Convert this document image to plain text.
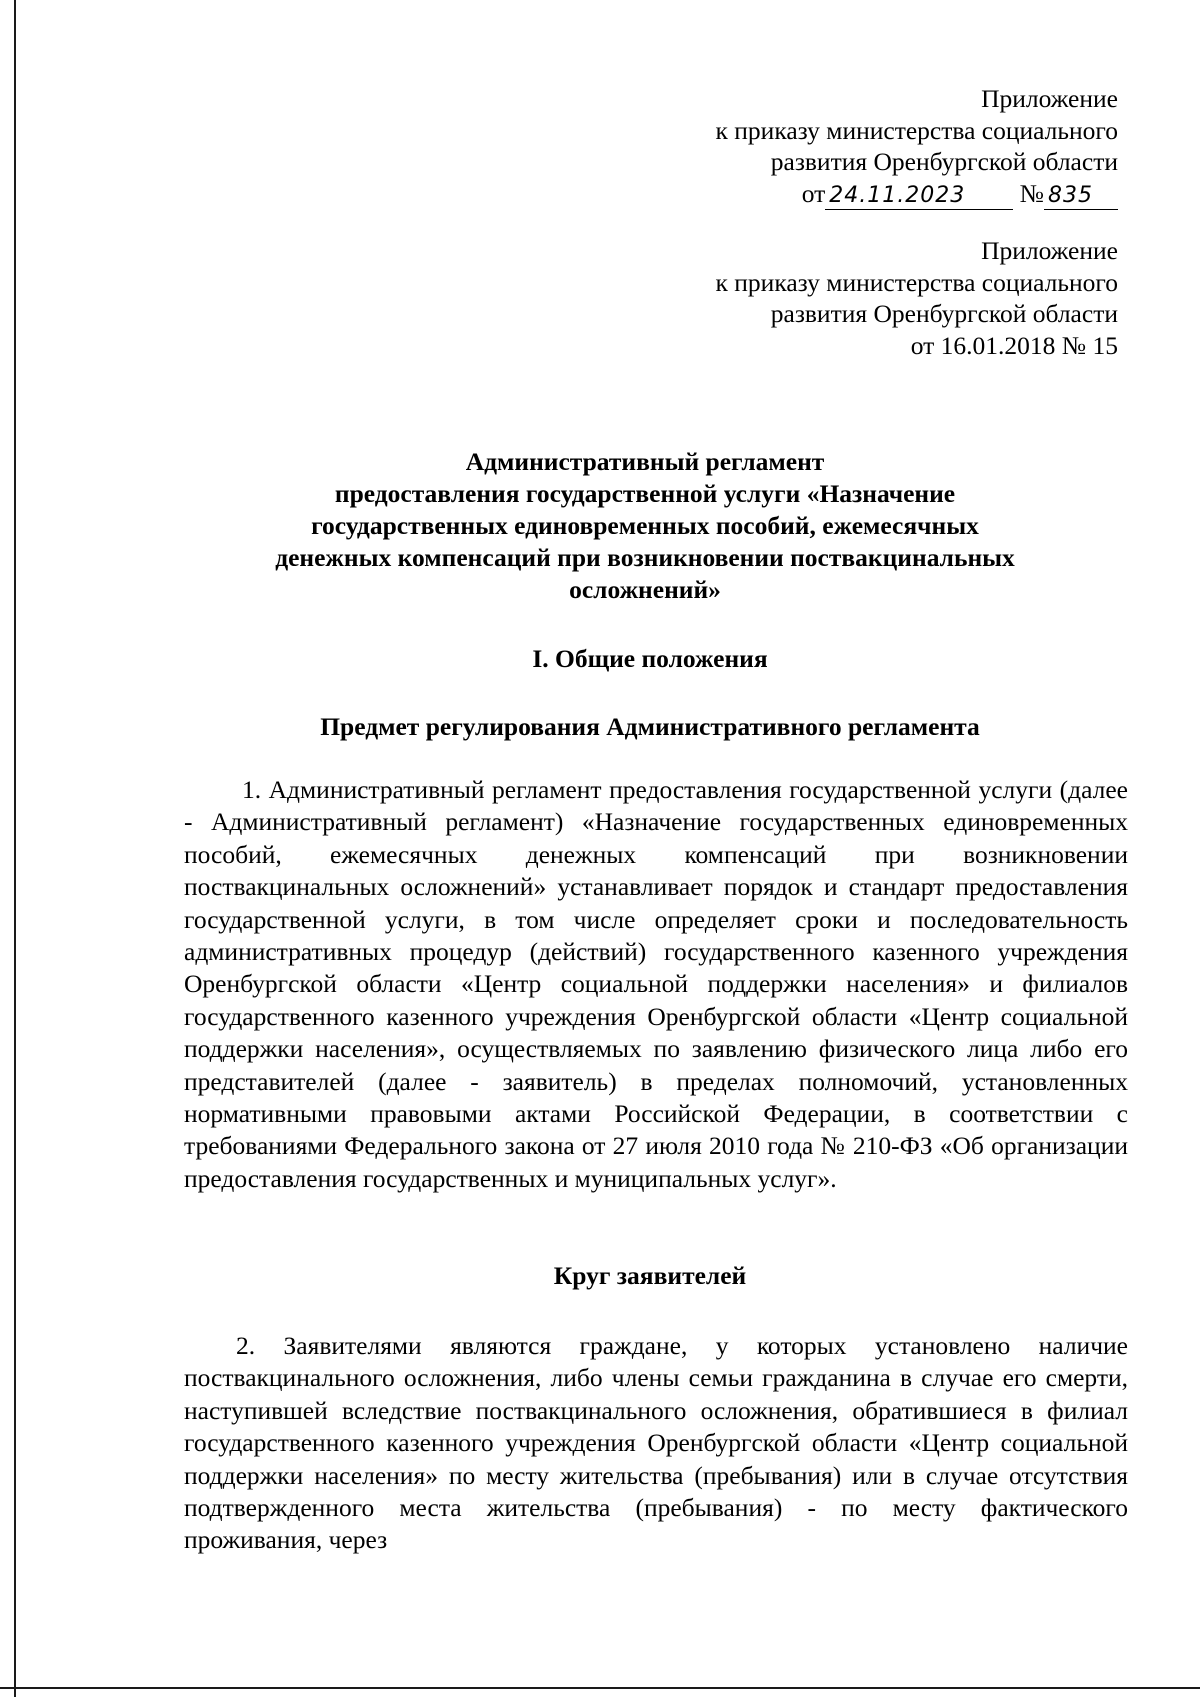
Приложение
к приказу министерства социального
развития Оренбургской области
от 24.11.2023 № 835
Приложение
к приказу министерства социального
развития Оренбургской области
от 16.01.2018 № 15
Административный регламент
предоставления государственной услуги «Назначение
государственных единовременных пособий, ежемесячных
денежных компенсаций при возникновении поствакцинальных
осложнений»
I. Общие положения
Предмет регулирования Административного регламента
1. Административный регламент предоставления государственной услуги (далее - Административный регламент) «Назначение государственных единовременных пособий, ежемесячных денежных компенсаций при возникновении поствакцинальных осложнений» устанавливает порядок и стандарт предоставления государственной услуги, в том числе определяет сроки и последовательность административных процедур (действий) государственного казенного учреждения Оренбургской области «Центр социальной поддержки населения» и филиалов государственного казенного учреждения Оренбургской области «Центр социальной поддержки населения», осуществляемых по заявлению физического лица либо его представителей (далее - заявитель) в пределах полномочий, установленных нормативными правовыми актами Российской Федерации, в соответствии с требованиями Федерального закона от 27 июля 2010 года № 210-ФЗ «Об организации предоставления государственных и муниципальных услуг».
Круг заявителей
2. Заявителями являются граждане, у которых установлено наличие поствакцинального осложнения, либо члены семьи гражданина в случае его смерти, наступившей вследствие поствакцинального осложнения, обратившиеся в филиал государственного казенного учреждения Оренбургской области «Центр социальной поддержки населения» по месту жительства (пребывания) или в случае отсутствия подтвержденного места жительства (пребывания) - по месту фактического проживания, через
